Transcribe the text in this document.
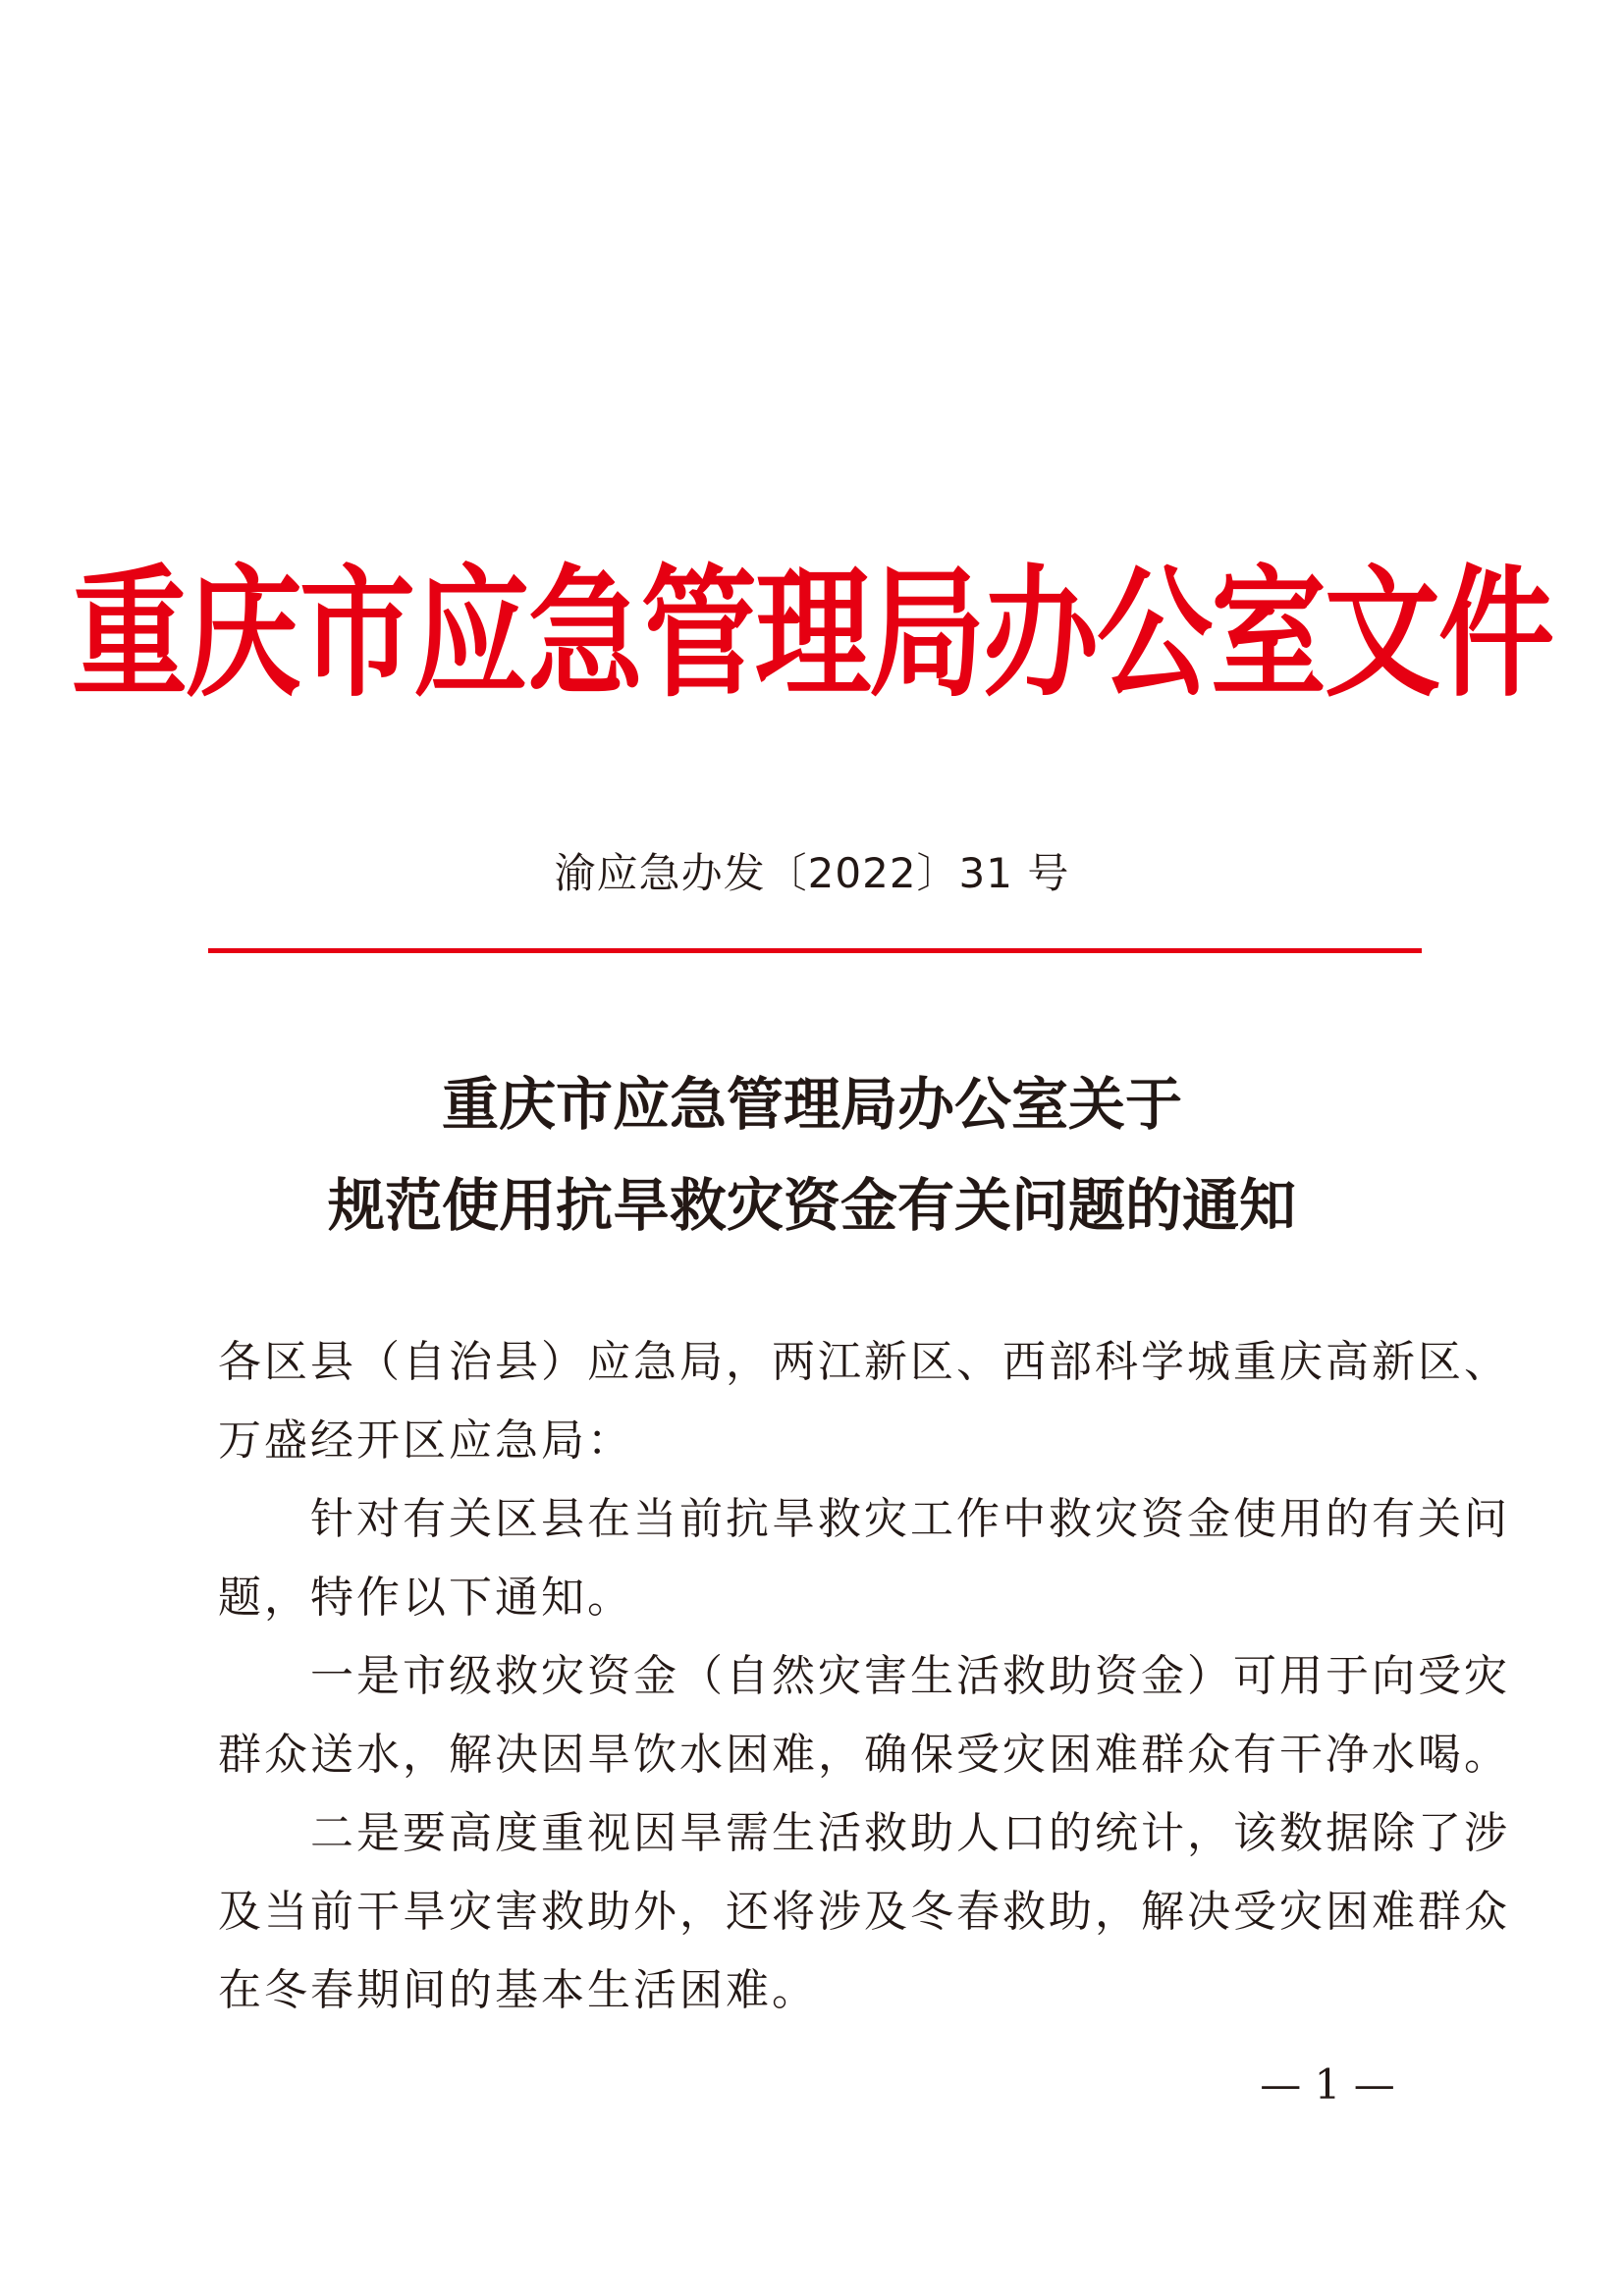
重庆市应急管理局办公室文件
渝应急办发〔2022〕31 号
重庆市应急管理局办公室关于
规范使用抗旱救灾资金有关问题的通知
各区县（自治县）应急局，两江新区、西部科学城重庆高新区、
万盛经开区应急局：
　　针对有关区县在当前抗旱救灾工作中救灾资金使用的有关问
题，特作以下通知。
　　一是市级救灾资金（自然灾害生活救助资金）可用于向受灾
群众送水，解决因旱饮水困难，确保受灾困难群众有干净水喝。
　　二是要高度重视因旱需生活救助人口的统计，该数据除了涉
及当前干旱灾害救助外，还将涉及冬春救助，解决受灾困难群众
在冬春期间的基本生活困难。
— 1 —
